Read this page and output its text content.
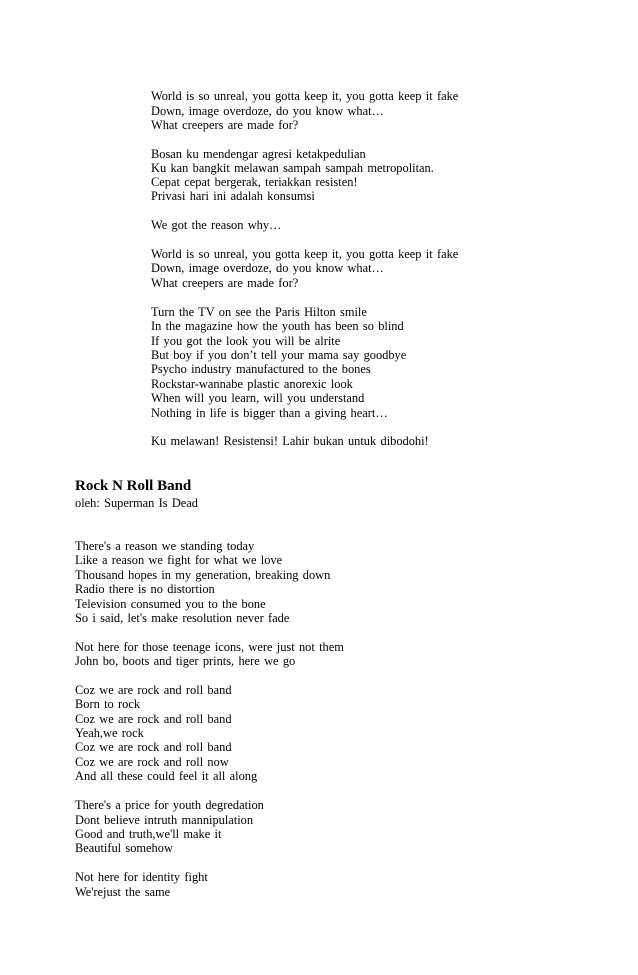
World is so unreal, you gotta keep it, you gotta keep it fake
Down, image overdoze, do you know what…
What creepers are made for?
Bosan ku mendengar agresi ketakpedulian
Ku kan bangkit melawan sampah sampah metropolitan.
Cepat cepat bergerak, teriakkan resisten!
Privasi hari ini adalah konsumsi
We got the reason why…
World is so unreal, you gotta keep it, you gotta keep it fake
Down, image overdoze, do you know what…
What creepers are made for?
Turn the TV on see the Paris Hilton smile
In the magazine how the youth has been so blind
If you got the look you will be alrite
But boy if you don’t tell your mama say goodbye
Psycho industry manufactured to the bones
Rockstar-wannabe plastic anorexic look
When will you learn, will you understand
Nothing in life is bigger than a giving heart…
Ku melawan! Resistensi! Lahir bukan untuk dibodohi!
Rock N Roll Band
oleh: Superman Is Dead
There's a reason we standing today
Like a reason we fight for what we love
Thousand hopes in my generation, breaking down
Radio there is no distortion
Television consumed you to the bone
So i said, let's make resolution never fade
Not here for those teenage icons, were just not them
John bo, boots and tiger prints, here we go
Coz we are rock and roll band
Born to rock
Coz we are rock and roll band
Yeah,we rock
Coz we are rock and roll band
Coz we are rock and roll now
And all these could feel it all along
There's a price for youth degredation
Dont believe intruth mannipulation
Good and truth,we'll make it
Beautiful somehow
Not here for identity fight
We'rejust the same
